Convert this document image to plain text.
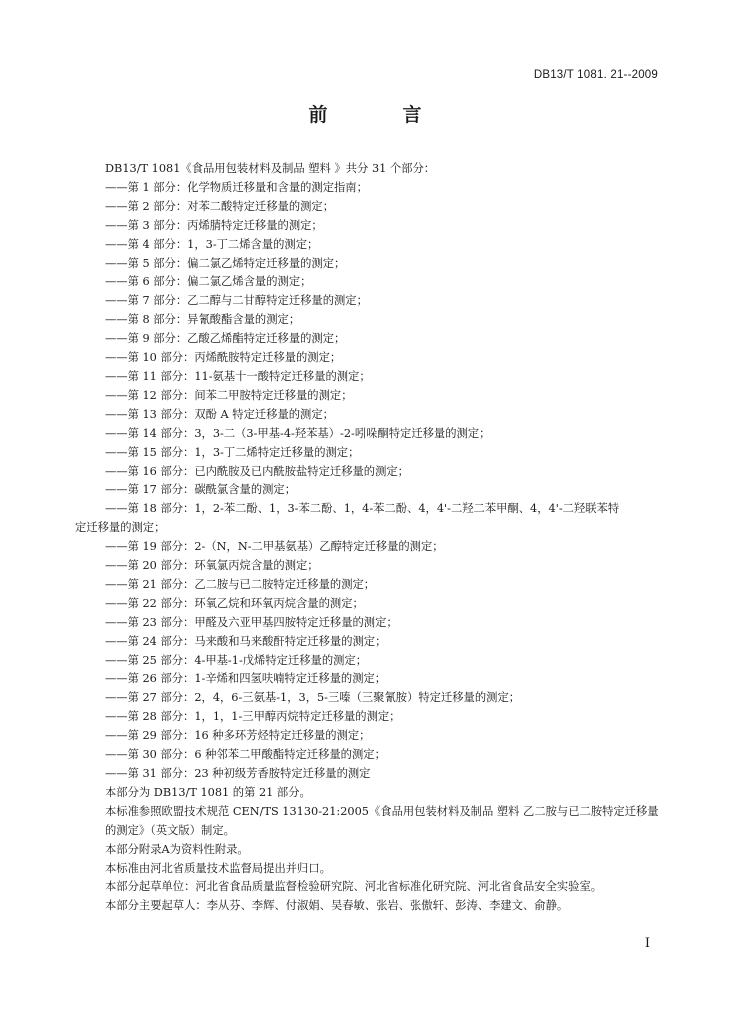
DB13/T 1081. 21--2009
前　言
DB13/T 1081《食品用包装材料及制品 塑料 》共分 31 个部分：
——第 1 部分：化学物质迁移量和含量的测定指南；
——第 2 部分：对苯二酸特定迁移量的测定；
——第 3 部分：丙烯腈特定迁移量的测定；
——第 4 部分：1，3-丁二烯含量的测定；
——第 5 部分：偏二氯乙烯特定迁移量的测定；
——第 6 部分：偏二氯乙烯含量的测定；
——第 7 部分：乙二醇与二甘醇特定迁移量的测定；
——第 8 部分：异氰酸酯含量的测定；
——第 9 部分：乙酸乙烯酯特定迁移量的测定；
——第 10 部分：丙烯酰胺特定迁移量的测定；
——第 11 部分：11-氨基十一酸特定迁移量的测定；
——第 12 部分：间苯二甲胺特定迁移量的测定；
——第 13 部分：双酚 A 特定迁移量的测定；
——第 14 部分：3，3-二（3-甲基-4-羟苯基）-2-吲哚酮特定迁移量的测定；
——第 15 部分：1，3-丁二烯特定迁移量的测定；
——第 16 部分：已内酰胺及已内酰胺盐特定迁移量的测定；
——第 17 部分：碳酰氯含量的测定；
——第 18 部分：1，2-苯二酚、1，3-苯二酚、1，4-苯二酚、4，4'-二羟二苯甲酮、4，4'-二羟联苯特
定迁移量的测定；
——第 19 部分：2-（N，N-二甲基氨基）乙醇特定迁移量的测定；
——第 20 部分：环氧氯丙烷含量的测定；
——第 21 部分：乙二胺与已二胺特定迁移量的测定；
——第 22 部分：环氧乙烷和环氧丙烷含量的测定；
——第 23 部分：甲醛及六亚甲基四胺特定迁移量的测定；
——第 24 部分：马来酸和马来酸酐特定迁移量的测定；
——第 25 部分：4-甲基-1-戊烯特定迁移量的测定；
——第 26 部分：1-辛烯和四氢呋喃特定迁移量的测定；
——第 27 部分：2，4，6-三氨基-1，3，5-三嗪（三聚氰胺）特定迁移量的测定；
——第 28 部分：1，1，1-三甲醇丙烷特定迁移量的测定；
——第 29 部分：16 种多环芳烃特定迁移量的测定；
——第 30 部分：6 种邻苯二甲酸酯特定迁移量的测定；
——第 31 部分：23 种初级芳香胺特定迁移量的测定
本部分为 DB13/T 1081 的第 21 部分。
本标准参照欧盟技术规范 CEN/TS 13130-21:2005《食品用包装材料及制品 塑料 乙二胺与已二胺特定迁移量的测定》（英文版）制定。
本部分附录A为资料性附录。
本标准由河北省质量技术监督局提出并归口。
本部分起草单位：河北省食品质量监督检验研究院、河北省标准化研究院、河北省食品安全实验室。
本部分主要起草人：李从芬、李辉、付淑娟、吴春敏、张岩、张傲轩、彭涛、李建文、俞静。
I
